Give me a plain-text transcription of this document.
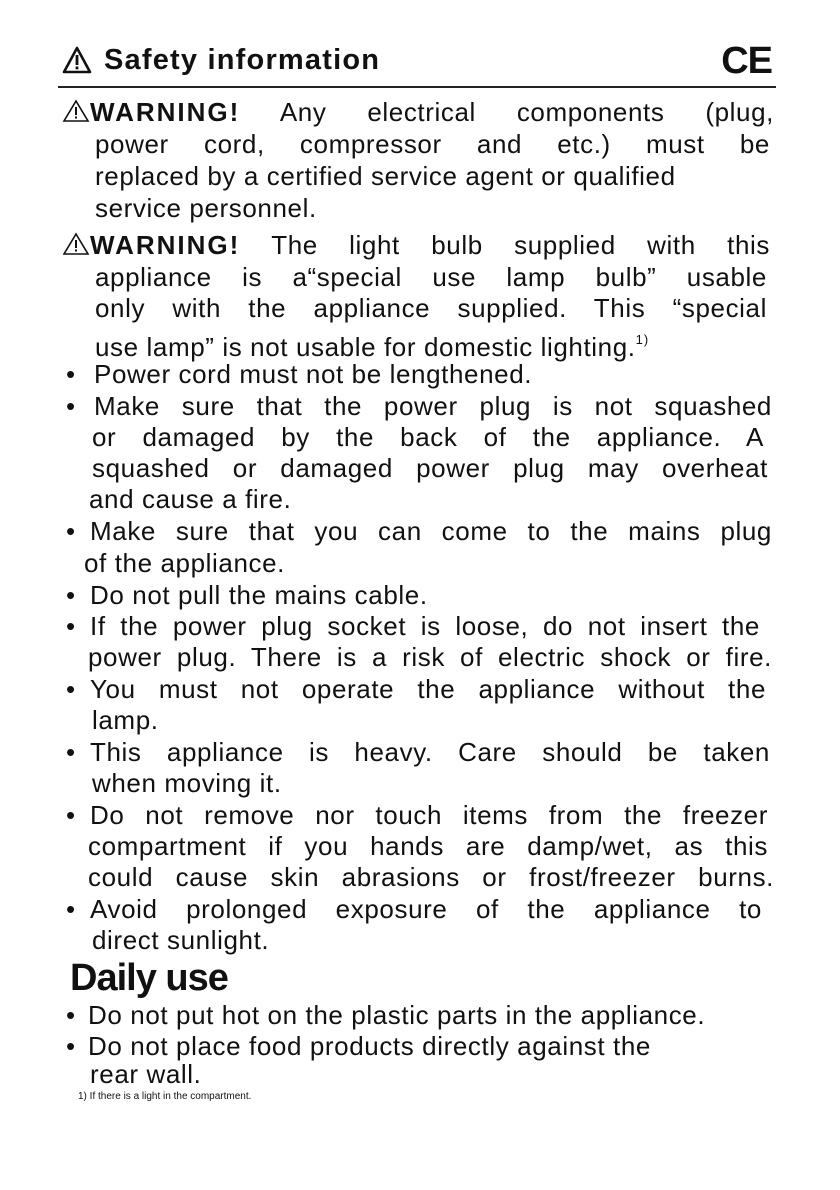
Safety information	CE
WARNING! Any electrical components (plug,
power cord, compressor and etc.) must be
replaced by a certified service agent or qualified
service personnel.
WARNING! The light bulb supplied with this
appliance is a“special use lamp bulb” usable
only with the appliance supplied. This “special
use lamp” is not usable for domestic lighting.$^{1)}$
• Power cord must not be lengthened.
• Make sure that the power plug is not squashed
or damaged by the back of the appliance. A
squashed or damaged power plug may overheat
and cause a fire.
• Make sure that you can come to the mains plug
of the appliance.
• Do not pull the mains cable.
• If the power plug socket is loose, do not insert the
power plug. There is a risk of electric shock or fire.
• You must not operate the appliance without the
lamp.
• This appliance is heavy. Care should be taken
when moving it.
• Do not remove nor touch items from the freezer
compartment if you hands are damp/wet, as this
could cause skin abrasions or frost/freezer burns.
• Avoid prolonged exposure of the appliance to
direct sunlight.
Daily use
• Do not put hot on the plastic parts in the appliance.
• Do not place food products directly against the
rear wall.
1) If there is a light in the compartment.
